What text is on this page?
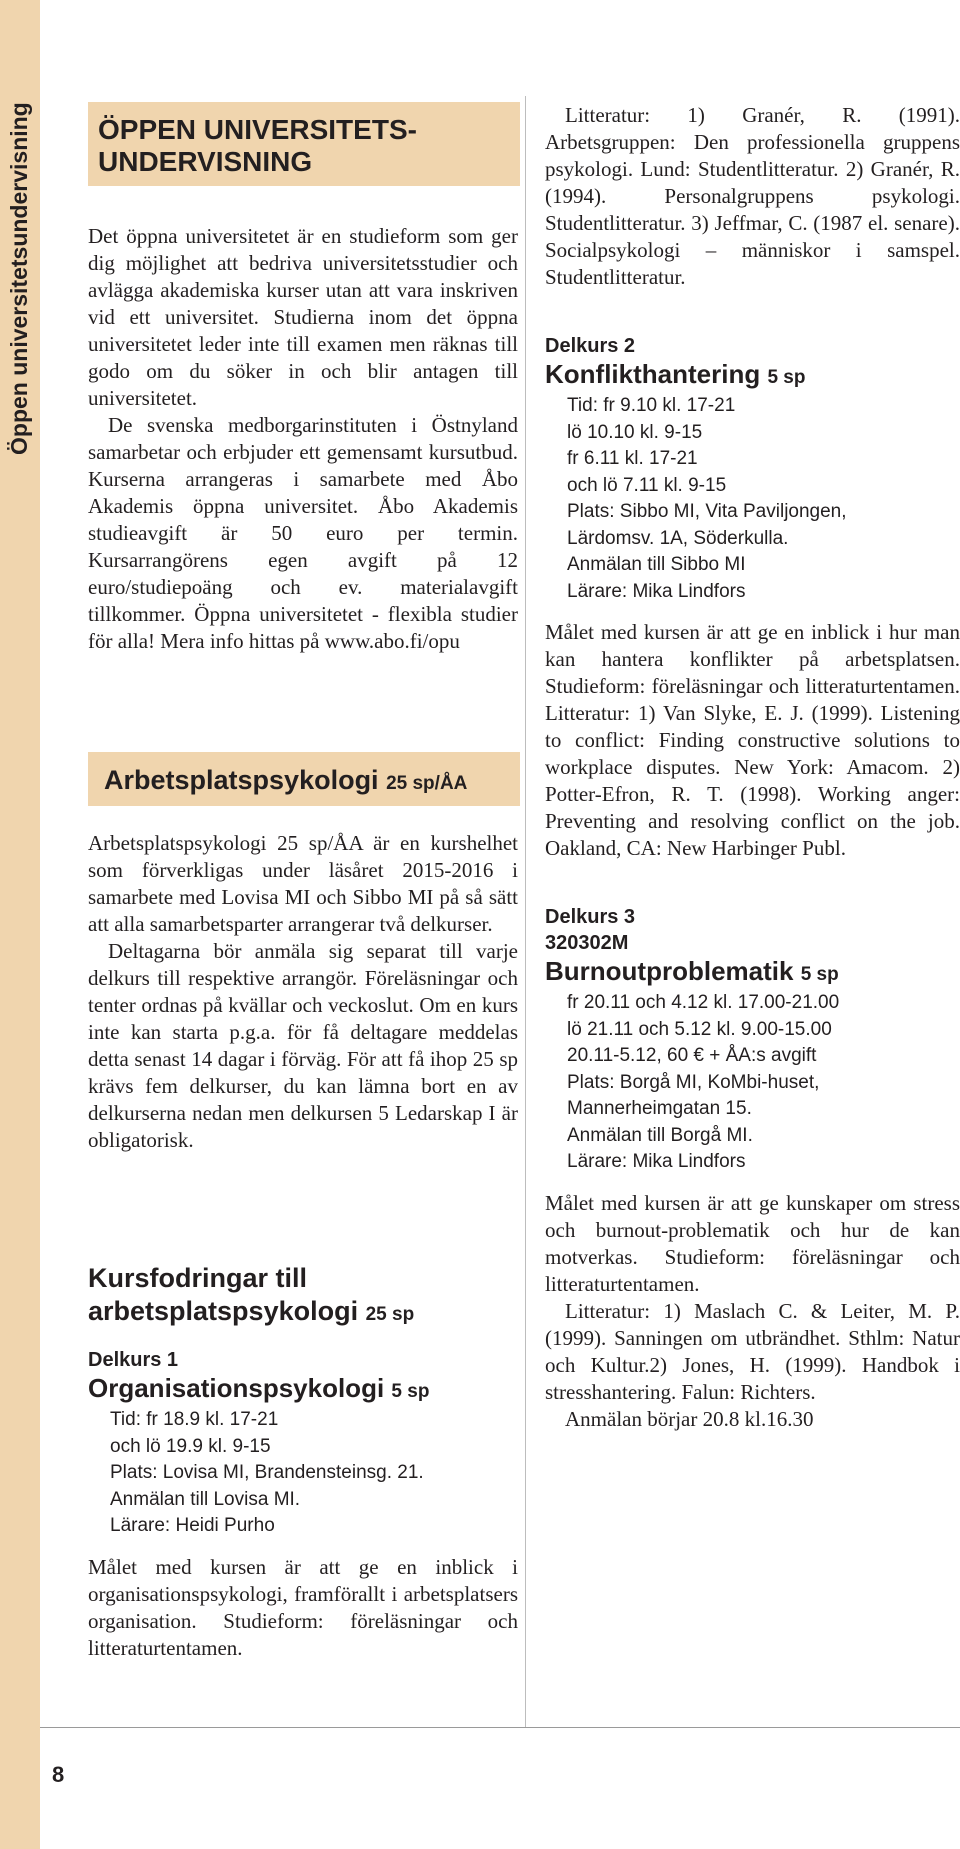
Öppen universitetsundervisning ÖPPEN UNIVERSITETS-
UNDERVISNING

Det öppna universitetet är en studieform som ger dig möjlighet att bedriva universitetsstudier och avlägga akademiska kurser utan att vara inskriven vid ett universitet. Studierna inom det öppna universitetet leder inte till examen men räknas till godo om du söker in och blir antagen till universitetet.

De svenska medborgarinstituten i Östnyland samarbetar och erbjuder ett gemensamt kursutbud. Kurserna arrangeras i samarbete med Åbo Akademis öppna universitet. Åbo Akademis studieavgift är 50 euro per termin. Kursarrangörens egen avgift på 12 euro/studiepoäng och ev. materialavgift tillkommer. Öppna universitetet - flexibla studier för alla! Mera info hittas på www.abo.fi/opu

Arbetsplatspsykologi 25 sp/ÅA

Arbetsplatspsykologi 25 sp/ÅA är en kurshelhet som förverkligas under läsåret 2015-2016 i samarbete med Lovisa MI och Sibbo MI på så sätt att alla samarbetsparter arrangerar två delkurser.

Deltagarna bör anmäla sig separat till varje delkurs till respektive arrangör. Föreläsningar och tenter ordnas på kvällar och veckoslut. Om en kurs inte kan starta p.g.a. för få deltagare meddelas detta senast 14 dagar i förväg. För att få ihop 25 sp krävs fem delkurser, du kan lämna bort en av delkurserna nedan men delkursen 5 Ledarskap I är obligatorisk.

Kursfodringar till
arbetsplatspsykologi 25 sp
Delkurs 1
Organisationspsykologi 5 sp
Tid: fr 18.9 kl. 17-21
och lö 19.9 kl. 9-15
Plats: Lovisa MI, Brandensteinsg. 21.
Anmälan till Lovisa MI.
Lärare: Heidi Purho

Målet med kursen är att ge en inblick i organisationspsykologi, framförallt i arbetsplatsers organisation. Studieform: föreläsningar och litteraturtentamen.

Litteratur: 1) Granér, R. (1991). Arbetsgruppen: Den professionella gruppens psykologi. Lund: Studentlitteratur. 2) Granér, R. (1994). Personalgruppens psykologi. Studentlitteratur. 3) Jeffmar, C. (1987 el. senare). Socialpsykologi – människor i samspel. Studentlitteratur.

Delkurs 2
Konflikthantering 5 sp
Tid: fr 9.10 kl. 17-21
lö 10.10 kl. 9-15
fr 6.11 kl. 17-21
och lö 7.11 kl. 9-15
Plats: Sibbo MI, Vita Paviljongen,
Lärdomsv. 1A, Söderkulla.
Anmälan till Sibbo MI
Lärare: Mika Lindfors

Målet med kursen är att ge en inblick i hur man kan hantera konflikter på arbetsplatsen. Studieform: föreläsningar och litteraturtentamen. Litteratur: 1) Van Slyke, E. J. (1999). Listening to conflict: Finding constructive solutions to workplace disputes. New York: Amacom. 2) Potter-Efron, R. T. (1998). Working anger: Preventing and resolving conflict on the job. Oakland, CA: New Harbinger Publ.

Delkurs 3
320302M
Burnoutproblematik 5 sp
fr 20.11 och 4.12 kl. 17.00-21.00
lö 21.11 och 5.12 kl. 9.00-15.00
20.11-5.12, 60 € + ÅA:s avgift
Plats: Borgå MI, KoMbi-huset,
Mannerheimgatan 15.
Anmälan till Borgå MI.
Lärare: Mika Lindfors

Målet med kursen är att ge kunskaper om stress och burnout-problematik och hur de kan motverkas. Studieform: föreläsningar och litteraturtentamen.

Litteratur: 1) Maslach C. & Leiter, M. P. (1999). Sanningen om utbrändhet. Sthlm: Natur och Kultur.2) Jones, H. (1999). Handbok i stresshantering. Falun: Richters.

Anmälan börjar 20.8 kl.16.30

8
